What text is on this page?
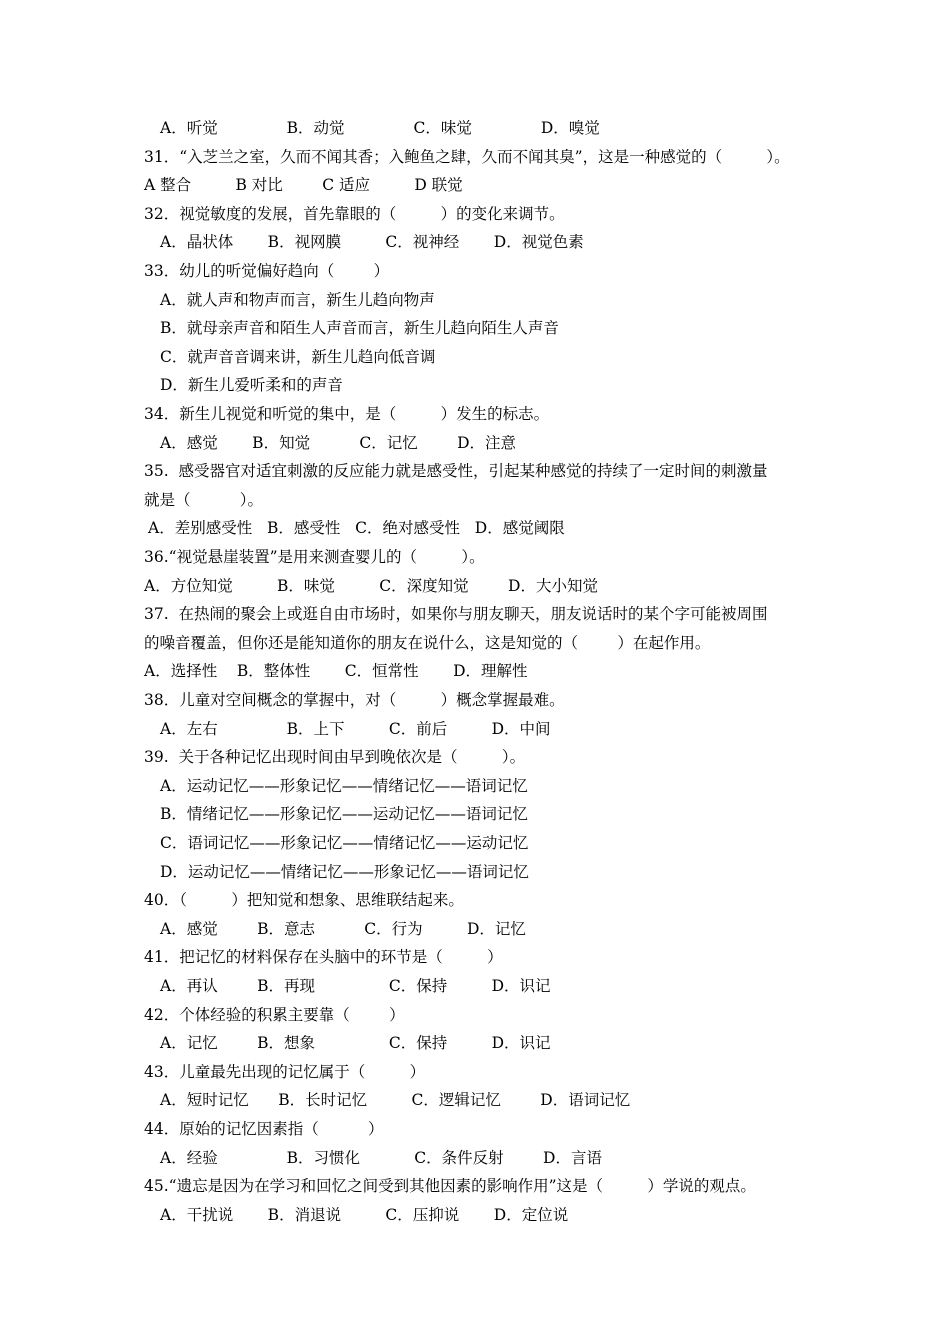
A．听觉              B．动觉              C．味觉              D．嗅觉

31．“入芝兰之室，久而不闻其香；入鲍鱼之肆，久而不闻其臭”，这是一种感觉的（         ）。

A 整合         B 对比        C 适应         D 联觉

32．视觉敏度的发展，首先靠眼的（         ）的变化来调节。

A．晶状体       B．视网膜         C．视神经       D．视觉色素

33．幼儿的听觉偏好趋向（        ）

A．就人声和物声而言，新生儿趋向物声

B．就母亲声音和陌生人声音而言，新生儿趋向陌生人声音

C．就声音音调来讲，新生儿趋向低音调

D．新生儿爱听柔和的声音

34．新生儿视觉和听觉的集中，是（         ）发生的标志。

A．感觉       B．知觉          C．记忆        D．注意

35.  感受器官对适宜刺激的反应能力就是感受性，引起某种感觉的持续了一定时间的刺激量

就是（          ）。

A．差别感受性   B．感受性   C．绝对感受性   D．感觉阈限

36.“视觉悬崖装置”是用来测查婴儿的（         ）。

A．方位知觉         B．味觉         C．深度知觉        D．大小知觉

37.  在热闹的聚会上或逛自由市场时，如果你与朋友聊天，朋友说话时的某个字可能被周围

的噪音覆盖，但你还是能知道你的朋友在说什么，这是知觉的（        ）在起作用。

A．选择性    B．整体性       C．恒常性       D．理解性

38．儿童对空间概念的掌握中，对（         ）概念掌握最难。

A．左右              B．上下         C．前后         D．中间

39.  关于各种记忆出现时间由早到晚依次是（         ）。

A．运动记忆——形象记忆——情绪记忆——语词记忆

B．情绪记忆——形象记忆——运动记忆——语词记忆

C．语词记忆——形象记忆——情绪记忆——运动记忆

D．运动记忆——情绪记忆——形象记忆——语词记忆

40．（         ）把知觉和想象、思维联结起来。

A．感觉        B．意志          C．行为         D．记忆

41．把记忆的材料保存在头脑中的环节是（         ）

A．再认        B．再现               C．保持         D．识记

42．个体经验的积累主要靠（        ）

A．记忆        B．想象               C．保持         D．识记

43．儿童最先出现的记忆属于（         ）

A．短时记忆      B．长时记忆         C．逻辑记忆        D．语词记忆

44．原始的记忆因素指（          ）

A．经验              B．习惯化           C．条件反射        D．言语

45.“遗忘是因为在学习和回忆之间受到其他因素的影响作用”这是（         ）学说的观点。

A．干扰说       B．消退说         C．压抑说       D．定位说
